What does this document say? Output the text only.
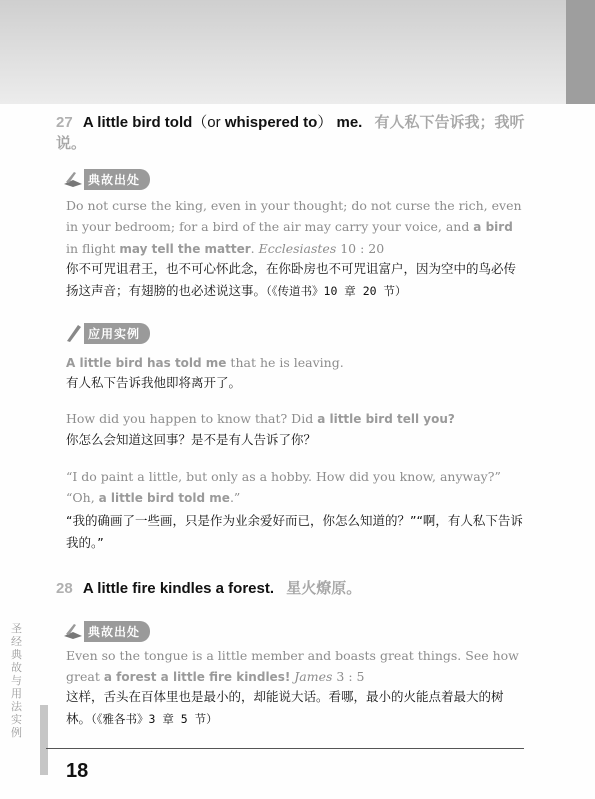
27 A little bird told（or whispered to） me. 有人私下告诉我；我听说。
典故出处
Do not curse the king, even in your thought; do not curse the rich, even in your bedroom; for a bird of the air may carry your voice, and a bird in flight may tell the matter. Ecclesiastes 10 : 20
你不可咒诅君王，也不可心怀此念，在你卧房也不可咒诅富户，因为空中的鸟必传扬这声音；有翅膀的也必述说这事。（《传道书》10 章 20 节）
应用实例
A little bird has told me that he is leaving.
有人私下告诉我他即将离开了。
How did you happen to know that? Did a little bird tell you?
你怎么会知道这回事？是不是有人告诉了你？
“I do paint a little, but only as a hobby. How did you know, anyway?” “Oh, a little bird told me.”
“我的确画了一些画，只是作为业余爱好而已，你怎么知道的？”“啊，有人私下告诉我的。”
28 A little fire kindles a forest. 星火燎原。
典故出处
Even so the tongue is a little member and boasts great things. See how great a forest a little fire kindles! James 3 : 5
这样，舌头在百体里也是最小的，却能说大话。看哪，最小的火能点着最大的树林。（《雅各书》3 章 5 节）
圣经典故与用法实例
18
